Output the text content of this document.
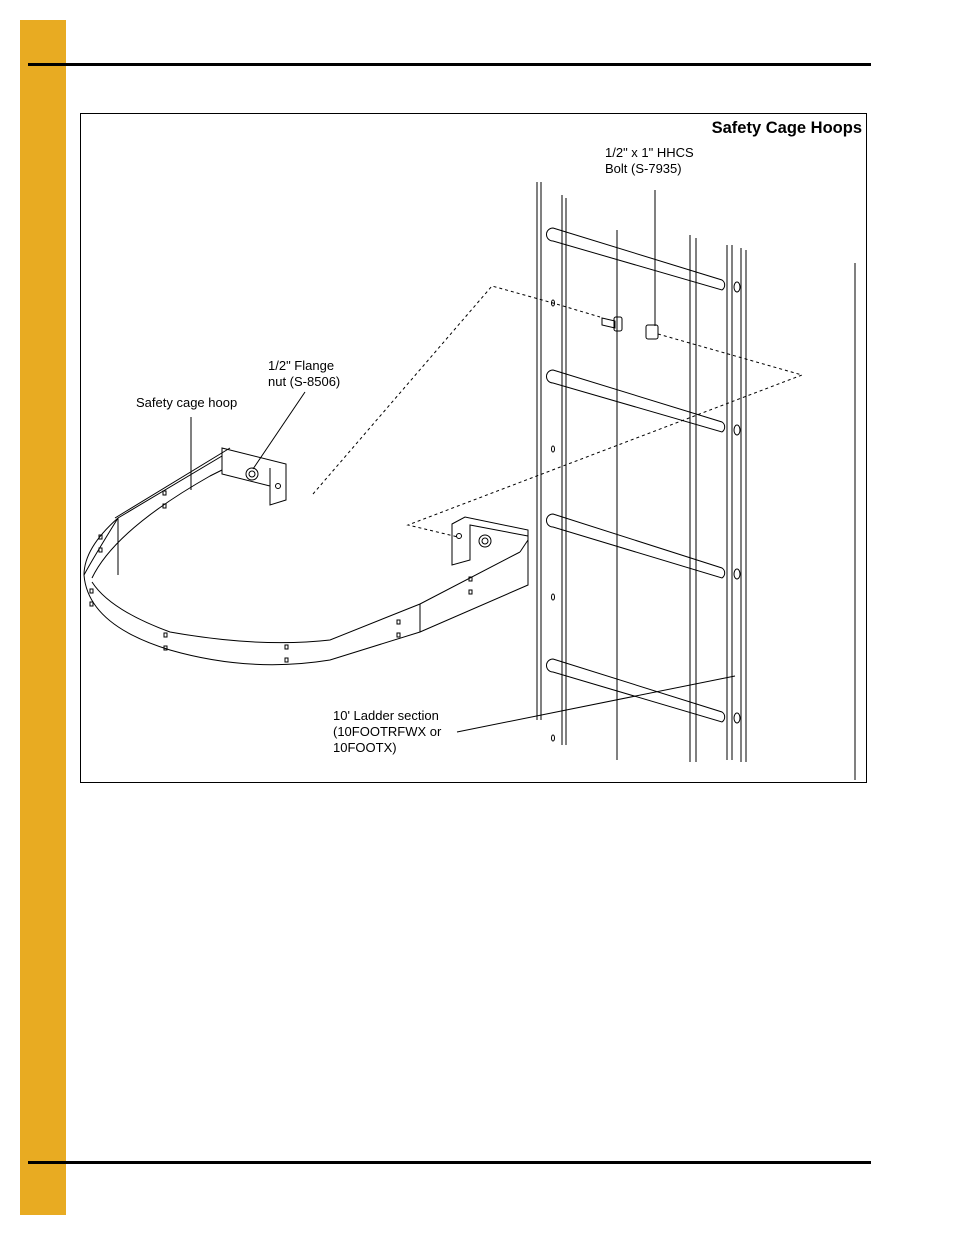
Safety Cage Hoops
1/2" x 1" HHCS
Bolt (S-7935)
1/2" Flange
nut (S-8506)
Safety cage hoop
10' Ladder section
(10FOOTRFWX or
10FOOTX)
